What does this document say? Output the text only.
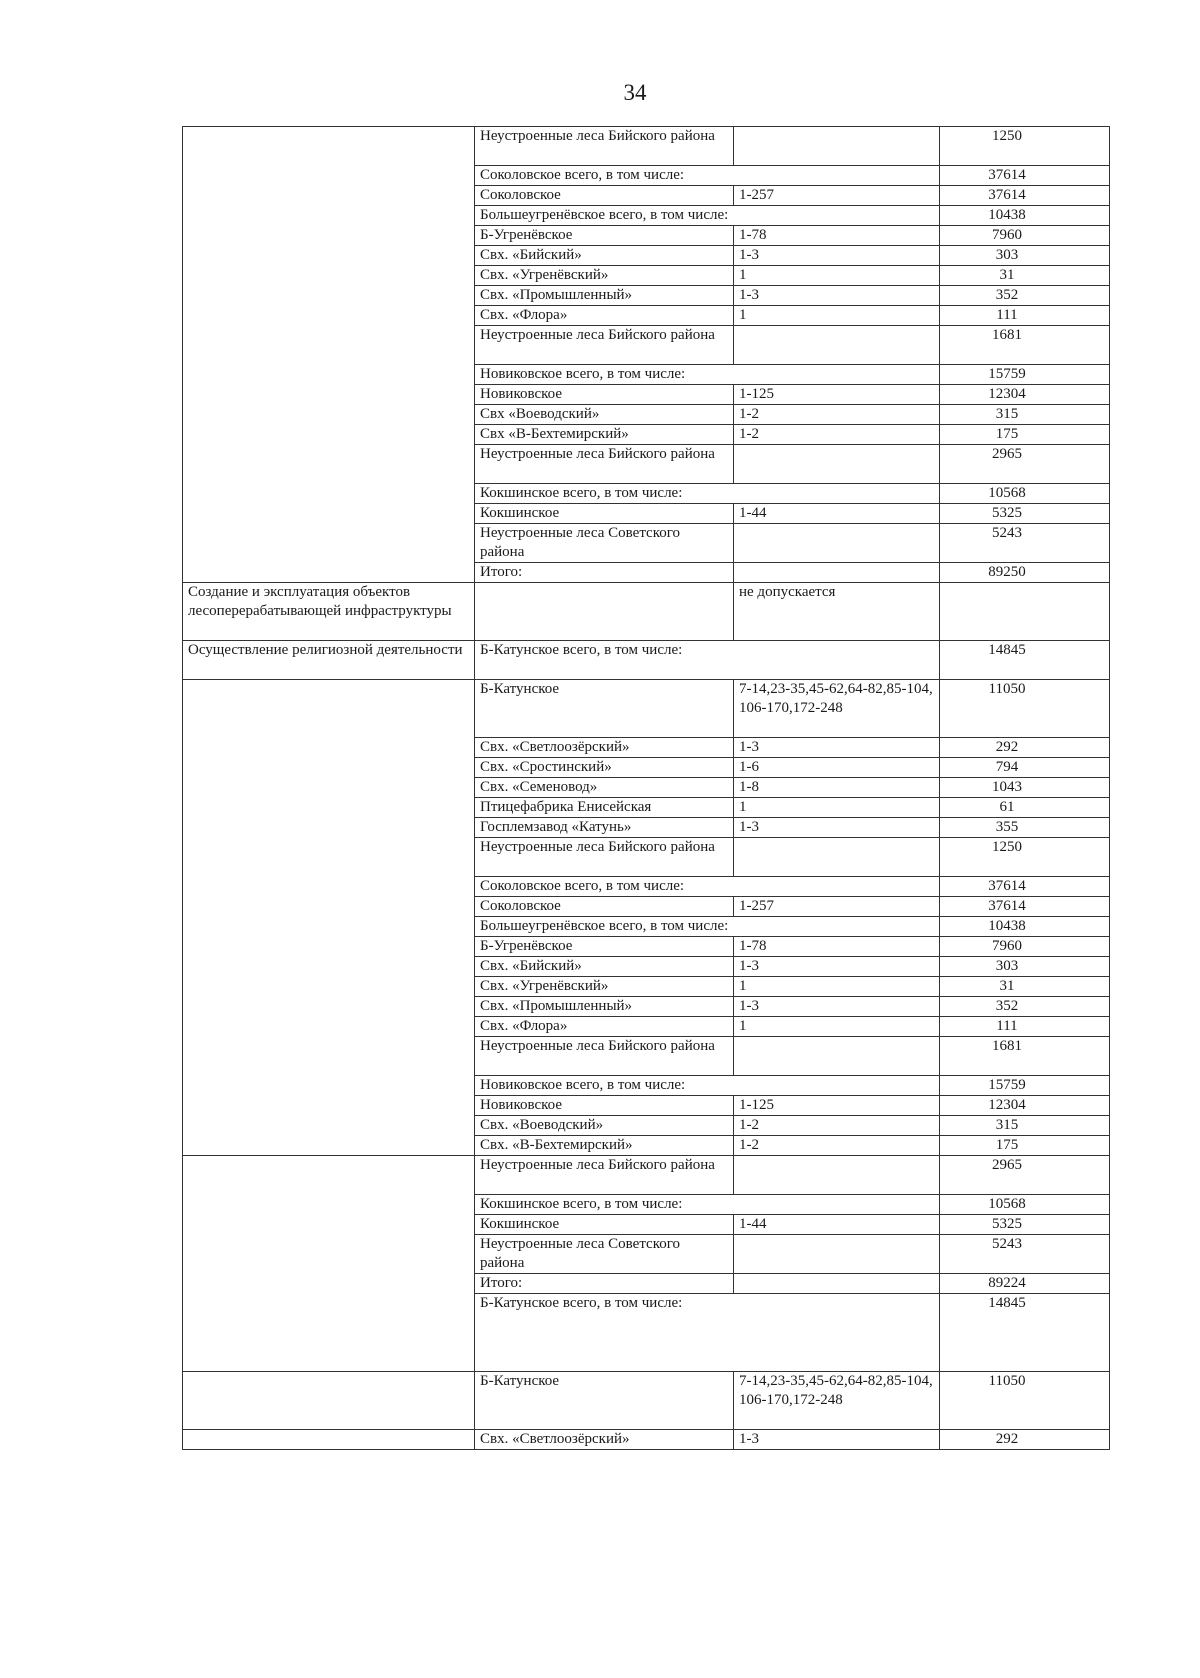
34
	Неустроенные леса Бийского района		1250
	Соколовское всего, в том числе:		37614
	Соколовское	1-257	37614
	Большеугренёвское всего, в том числе:		10438
	Б-Угренёвское	1-78	7960
	Свх. «Бийский»	1-3	303
	Свх. «Угренёвский»	1	31
	Свх. «Промышленный»	1-3	352
	Свх. «Флора»	1	111
	Неустроенные леса Бийского района		1681
	Новиковское всего, в том числе:		15759
	Новиковское	1-125	12304
	Свх «Воеводский»	1-2	315
	Свх «В-Бехтемирский»	1-2	175
	Неустроенные леса Бийского района		2965
	Кокшинское всего, в том числе:		10568
	Кокшинское	1-44	5325
	Неустроенные леса Советского района		5243
	Итого:		89250
Создание и эксплуатация объектов лесоперерабатывающей инфраструктуры		не допускается	
Осуществление религиозной деятельности	Б-Катунское всего, в том числе:		14845
	Б-Катунское	7-14,23-35,45-62,64-82,85-104, 106-170,172-248	11050
	Свх. «Светлоозёрский»	1-3	292
	Свх. «Сростинский»	1-6	794
	Свх. «Семеновод»	1-8	1043
	Птицефабрика Енисейская	1	61
	Госплемзавод «Катунь»	1-3	355
	Неустроенные леса Бийского района		1250
	Соколовское всего, в том числе:		37614
	Соколовское	1-257	37614
	Большеугренёвское всего, в том числе:		10438
	Б-Угренёвское	1-78	7960
	Свх. «Бийский»	1-3	303
	Свх. «Угренёвский»	1	31
	Свх. «Промышленный»	1-3	352
	Свх. «Флора»	1	111
	Неустроенные леса Бийского района		1681
	Новиковское всего, в том числе:		15759
	Новиковское	1-125	12304
	Свх. «Воеводский»	1-2	315
	Свх. «В-Бехтемирский»	1-2	175
	Неустроенные леса Бийского района		2965
	Кокшинское всего, в том числе:		10568
	Кокшинское	1-44	5325
	Неустроенные леса Советского района		5243
	Итого:		89224
	Б-Катунское всего, в том числе:		14845
	Б-Катунское	7-14,23-35,45-62,64-82,85-104, 106-170,172-248	11050
	Свх. «Светлоозёрский»	1-3	292
